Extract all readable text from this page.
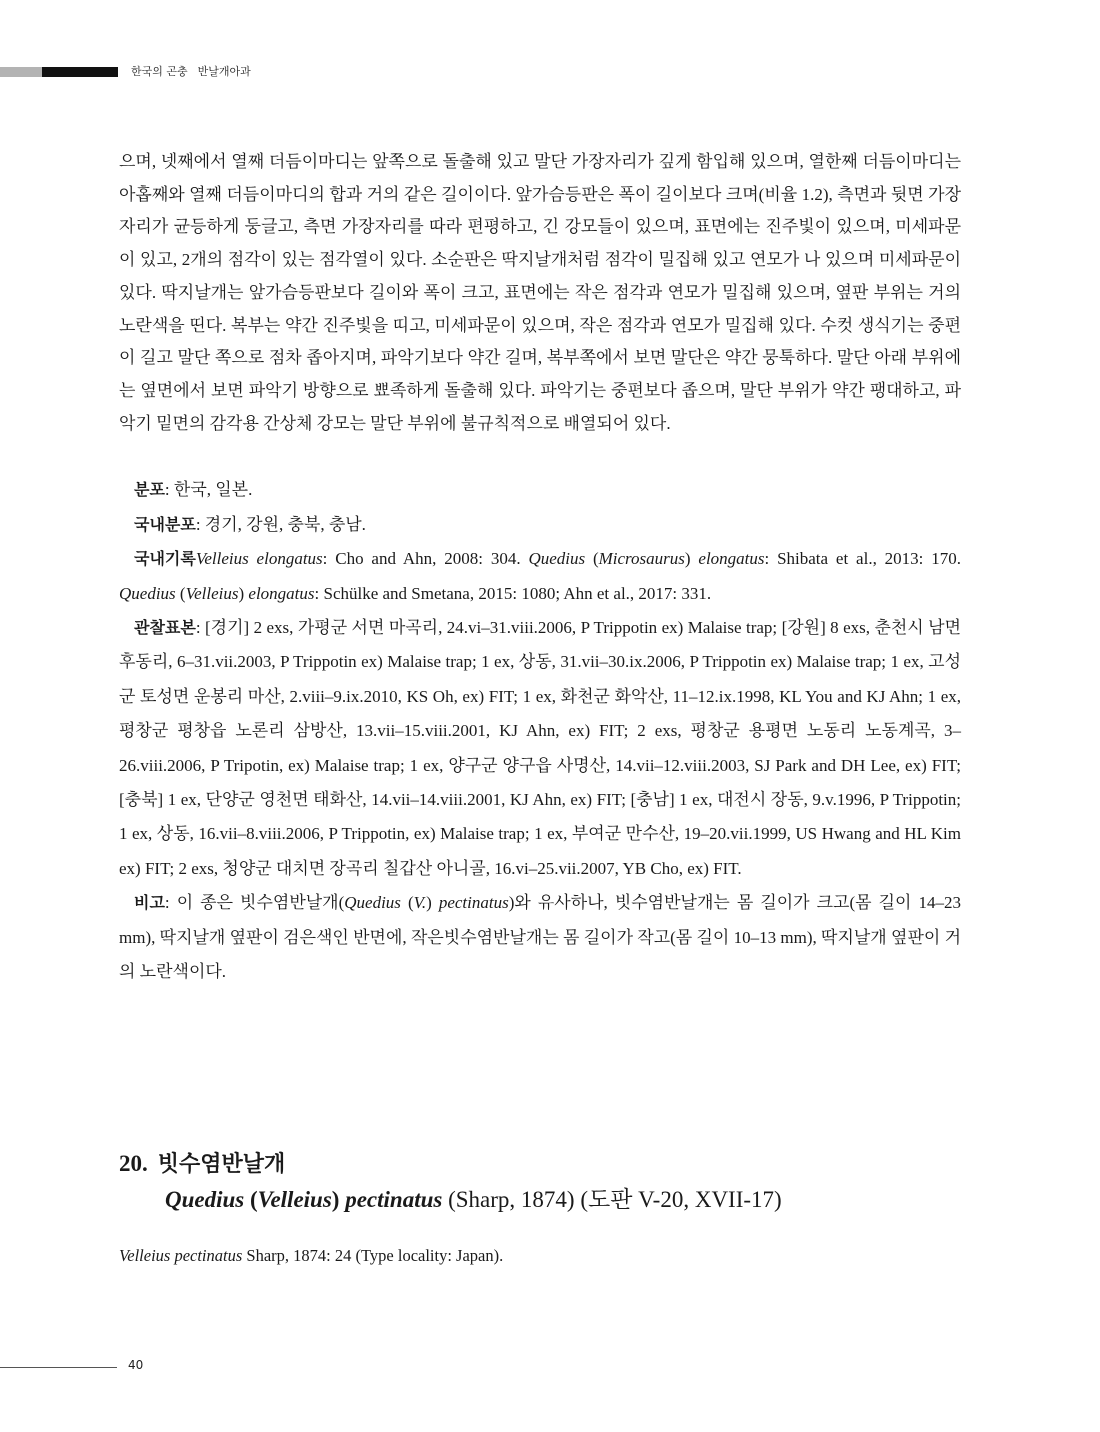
한국의 곤충 반날개아과

으며, 넷째에서 열째 더듬이마디는 앞쪽으로 돌출해 있고 말단 가장자리가 깊게 함입해 있으며, 열한째 더듬이마디는 아홉째와 열째 더듬이마디의 합과 거의 같은 길이이다. 앞가슴등판은 폭이 길이보다 크며(비율 1.2), 측면과 뒷면 가장자리가 균등하게 둥글고, 측면 가장자리를 따라 편평하고, 긴 강모들이 있으며, 표면에는 진주빛이 있으며, 미세파문이 있고, 2개의 점각이 있는 점각열이 있다. 소순판은 딱지날개처럼 점각이 밀집해 있고 연모가 나 있으며 미세파문이 있다. 딱지날개는 앞가슴등판보다 길이와 폭이 크고, 표면에는 작은 점각과 연모가 밀집해 있으며, 옆판 부위는 거의 노란색을 띤다. 복부는 약간 진주빛을 띠고, 미세파문이 있으며, 작은 점각과 연모가 밀집해 있다. 수컷 생식기는 중편이 길고 말단 쪽으로 점차 좁아지며, 파악기보다 약간 길며, 복부쪽에서 보면 말단은 약간 뭉툭하다. 말단 아래 부위에는 옆면에서 보면 파악기 방향으로 뾰족하게 돌출해 있다. 파악기는 중편보다 좁으며, 말단 부위가 약간 팽대하고, 파악기 밑면의 감각용 간상체 강모는 말단 부위에 불규칙적으로 배열되어 있다.

분포: 한국, 일본.

국내분포: 경기, 강원, 충북, 충남.

국내기록Velleius elongatus: Cho and Ahn, 2008: 304. Quedius (Microsaurus) elongatus: Shibata et al., 2013: 170. Quedius (Velleius) elongatus: Schülke and Smetana, 2015: 1080; Ahn et al., 2017: 331.

관찰표본: [경기] 2 exs, 가평군 서면 마곡리, 24.vi–31.viii.2006, P Trippotin ex) Malaise trap; [강원] 8 exs, 춘천시 남면 후동리, 6–31.vii.2003, P Trippotin ex) Malaise trap; 1 ex, 상동, 31.vii–30.ix.2006, P Trippotin ex) Malaise trap; 1 ex, 고성군 토성면 운봉리 마산, 2.viii–9.ix.2010, KS Oh, ex) FIT; 1 ex, 화천군 화악산, 11–12.ix.1998, KL You and KJ Ahn; 1 ex, 평창군 평창읍 노론리 삼방산, 13.vii–15.viii.2001, KJ Ahn, ex) FIT; 2 exs, 평창군 용평면 노동리 노동계곡, 3–26.viii.2006, P Tripotin, ex) Malaise trap; 1 ex, 양구군 양구읍 사명산, 14.vii–12.viii.2003, SJ Park and DH Lee, ex) FIT; [충북] 1 ex, 단양군 영천면 태화산, 14.vii–14.viii.2001, KJ Ahn, ex) FIT; [충남] 1 ex, 대전시 장동, 9.v.1996, P Trippotin; 1 ex, 상동, 16.vii–8.viii.2006, P Trippotin, ex) Malaise trap; 1 ex, 부여군 만수산, 19–20.vii.1999, US Hwang and HL Kim ex) FIT; 2 exs, 청양군 대치면 장곡리 칠갑산 아니골, 16.vi–25.vii.2007, YB Cho, ex) FIT.

비고: 이 종은 빗수염반날개(Quedius (V.) pectinatus)와 유사하나, 빗수염반날개는 몸 길이가 크고(몸 길이 14–23 mm), 딱지날개 옆판이 검은색인 반면에, 작은빗수염반날개는 몸 길이가 작고(몸 길이 10–13 mm), 딱지날개 옆판이 거의 노란색이다.

20. 빗수염반날개
Quedius (Velleius) pectinatus (Sharp, 1874) (도판 V-20, XVII-17)
Velleius pectinatus Sharp, 1874: 24 (Type locality: Japan).
40
